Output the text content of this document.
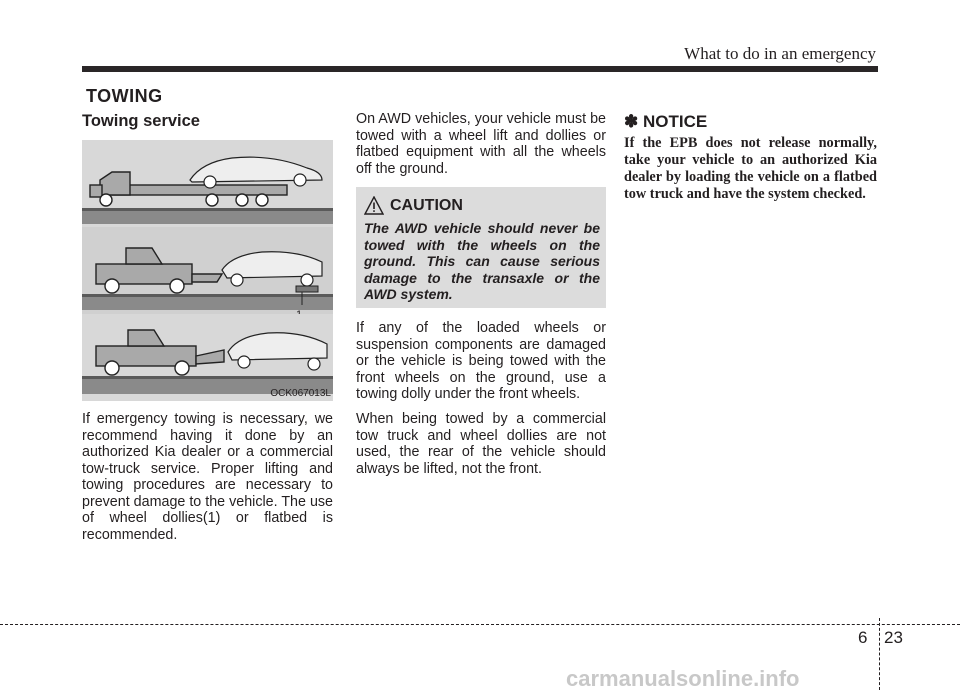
What to do in an emergency
TOWING
Towing service
OCK067013L

If emergency towing is necessary, we recommend having it done by an authorized Kia dealer or a commercial tow-truck service. Proper lifting and towing procedures are necessary to prevent damage to the vehicle. The use of wheel dollies(1) or flatbed is recommended.

On AWD vehicles, your vehicle must be towed with a wheel lift and dollies or flatbed equipment with all the wheels off the ground.

CAUTION

The AWD vehicle should never be towed with the wheels on the ground. This can cause serious damage to the transaxle or the AWD system.

If any of the loaded wheels or suspension components are damaged or the vehicle is being towed with the front wheels on the ground, use a towing dolly under the front wheels.

When being towed by a commercial tow truck and wheel dollies are not used, the rear of the vehicle should always be lifted, not the front.

✽ NOTICE

If the EPB does not release normally, take your vehicle to an authorized Kia dealer by loading the vehicle on a flatbed tow truck and have the system checked.

6 23
carmanualsonline.info
